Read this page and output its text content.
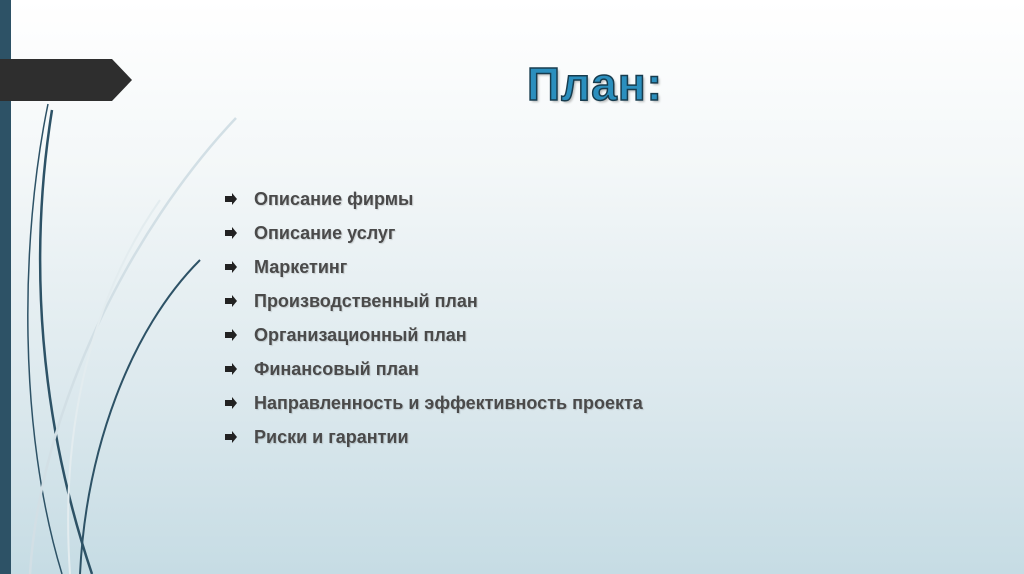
План:
Описание фирмы
Описание услуг
Маркетинг
Производственный план
Организационный план
Финансовый план
Направленность и эффективность проекта
Риски и гарантии
